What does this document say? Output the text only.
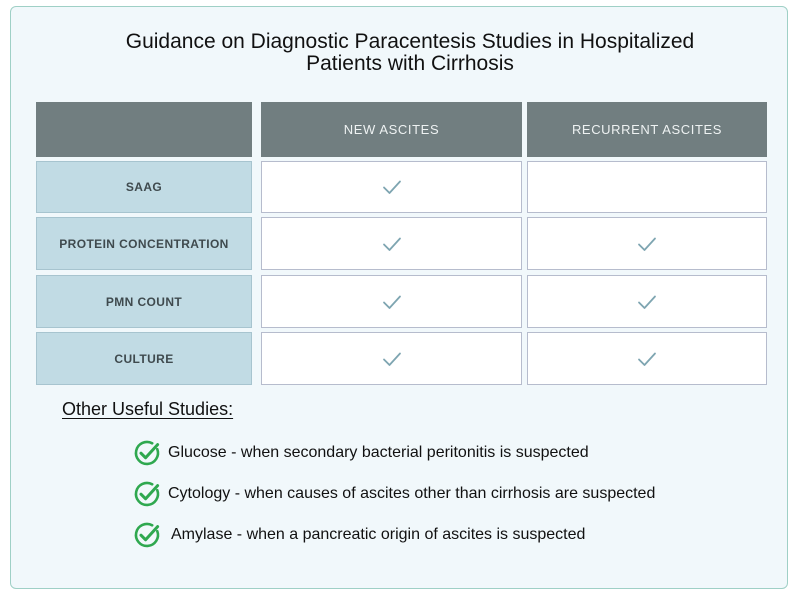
Guidance on Diagnostic Paracentesis Studies in Hospitalized
Patients with Cirrhosis
NEW ASCITES	RECURRENT ASCITES
SAAG
PROTEIN CONCENTRATION
PMN COUNT
CULTURE
Other Useful Studies:
Glucose - when secondary bacterial peritonitis is suspected
Cytology - when causes of ascites other than cirrhosis are suspected
Amylase - when a pancreatic origin of ascites is suspected
